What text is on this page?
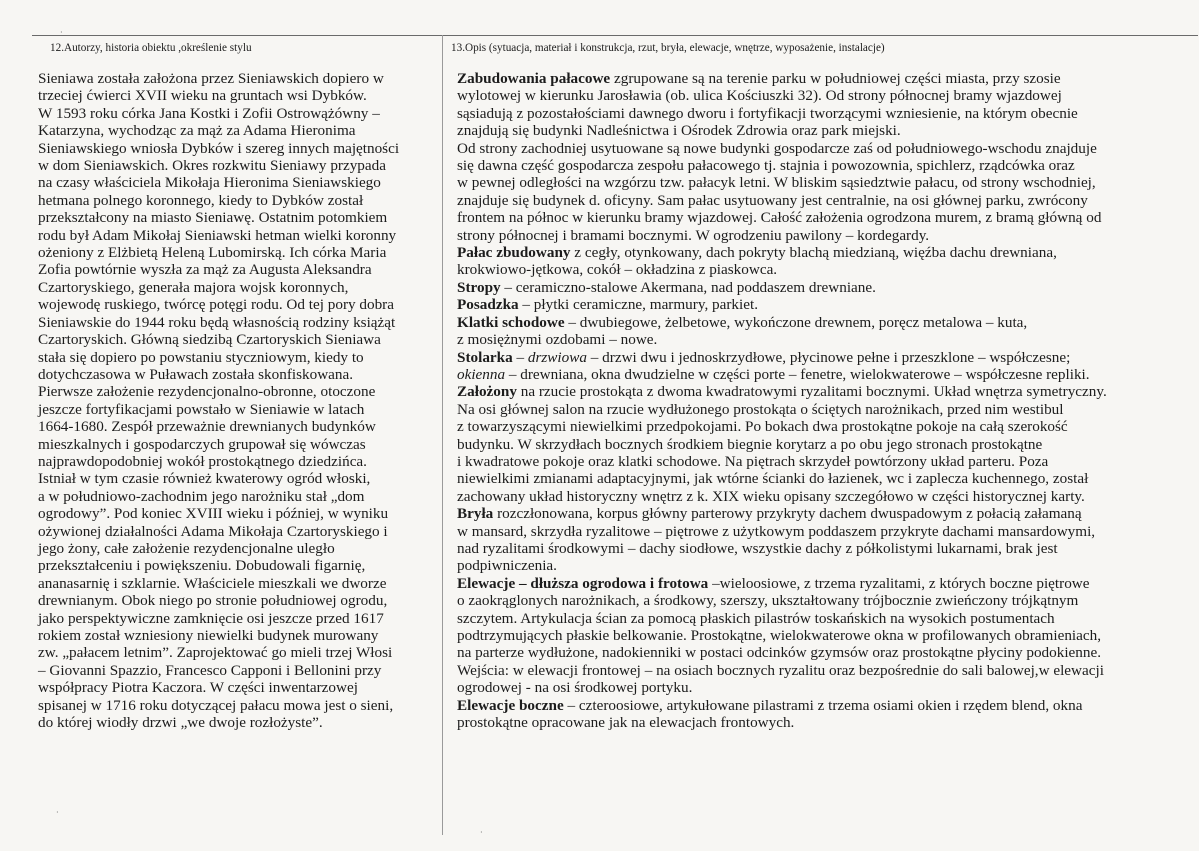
12.Autorzy, historia obiektu ,określenie stylu	13.Opis (sytuacja, materiał i konstrukcja, rzut, bryła, elewacje, wnętrze, wyposażenie, instalacje)
Sieniawa została założona przez Sieniawskich dopiero w
trzeciej ćwierci XVII wieku na gruntach wsi Dybków.
W 1593 roku córka Jana Kostki i Zofii Ostrowążówny –
Katarzyna, wychodząc za mąż za Adama Hieronima
Sieniawskiego wniosła Dybków i szereg innych majętności
w dom Sieniawskich. Okres rozkwitu Sieniawy przypada
na czasy właściciela Mikołaja Hieronima Sieniawskiego
hetmana polnego koronnego, kiedy to Dybków został
przekształcony na miasto Sieniawę. Ostatnim potomkiem
rodu był Adam Mikołaj Sieniawski hetman wielki koronny
ożeniony z Elżbietą Heleną Lubomirską. Ich córka Maria
Zofia powtórnie wyszła za mąż za Augusta Aleksandra
Czartoryskiego, generała majora wojsk koronnych,
wojewodę ruskiego, twórcę potęgi rodu. Od tej pory dobra
Sieniawskie do 1944 roku będą własnością rodziny książąt
Czartoryskich. Główną siedzibą Czartoryskich Sieniawa
stała się dopiero po powstaniu styczniowym, kiedy to
dotychczasowa w Puławach została skonfiskowana.
Pierwsze założenie rezydencjonalno-obronne, otoczone
jeszcze fortyfikacjami powstało w Sieniawie w latach
1664-1680. Zespół przeważnie drewnianych budynków
mieszkalnych i gospodarczych grupował się wówczas
najprawdopodobniej wokół prostokątnego dziedzińca.
Istniał w tym czasie również kwaterowy ogród włoski,
a w południowo-zachodnim jego narożniku stał „dom
ogrodowy”. Pod koniec XVIII wieku i później, w wyniku
ożywionej działalności Adama Mikołaja Czartoryskiego i
jego żony, całe założenie rezydencjonalne uległo
przekształceniu i powiększeniu. Dobudowali figarnię,
ananasarnię i szklarnie. Właściciele mieszkali we dworze
drewnianym. Obok niego po stronie południowej ogrodu,
jako perspektywiczne zamknięcie osi jeszcze przed 1617
rokiem został wzniesiony niewielki budynek murowany
zw. „pałacem letnim”. Zaprojektować go mieli trzej Włosi
– Giovanni Spazzio, Francesco Capponi i Bellonini przy
współpracy Piotra Kaczora. W części inwentarzowej
spisanej w 1716 roku dotyczącej pałacu mowa jest o sieni,
do której wiodły drzwi „we dwoje rozłożyste”.
Zabudowania pałacowe zgrupowane są na terenie parku w południowej części miasta, przy szosie
wylotowej w kierunku Jarosławia (ob. ulica Kościuszki 32). Od strony północnej bramy wjazdowej
sąsiadują z pozostałościami dawnego dworu i fortyfikacji tworzącymi wzniesienie, na którym obecnie
znajdują się budynki Nadleśnictwa i Ośrodek Zdrowia oraz park miejski.
Od strony zachodniej usytuowane są nowe budynki gospodarcze zaś od południowego-wschodu znajduje
się dawna część gospodarcza zespołu pałacowego tj. stajnia i powozownia, spichlerz, rządcówka oraz
w pewnej odległości na wzgórzu tzw. pałacyk letni. W bliskim sąsiedztwie pałacu, od strony wschodniej,
znajduje się budynek d. oficyny. Sam pałac usytuowany jest centralnie, na osi głównej parku, zwrócony
frontem na północ w kierunku bramy wjazdowej. Całość założenia ogrodzona murem, z bramą główną od
strony północnej i bramami bocznymi. W ogrodzeniu pawilony – kordegardy.
Pałac zbudowany z cegły, otynkowany, dach pokryty blachą miedzianą, więźba dachu drewniana,
krokwiowo-jętkowa, cokół – okładzina z piaskowca.
Stropy – ceramiczno-stalowe Akermana, nad poddaszem drewniane.
Posadzka – płytki ceramiczne, marmury, parkiet.
Klatki schodowe – dwubiegowe, żelbetowe, wykończone drewnem, poręcz metalowa – kuta,
z mosiężnymi ozdobami – nowe.
Stolarka – drzwiowa – drzwi dwu i jednoskrzydłowe, płycinowe pełne i przeszklone – współczesne;
okienna – drewniana, okna dwudzielne w części porte – fenetre, wielokwaterowe – współczesne repliki.
Założony na rzucie prostokąta z dwoma kwadratowymi ryzalitami bocznymi. Układ wnętrza symetryczny.
Na osi głównej salon na rzucie wydłużonego prostokąta o ściętych narożnikach, przed nim westibul
z towarzyszącymi niewielkimi przedpokojami. Po bokach dwa prostokątne pokoje na całą szerokość
budynku. W skrzydłach bocznych środkiem biegnie korytarz a po obu jego stronach prostokątne
i kwadratowe pokoje oraz klatki schodowe. Na piętrach skrzydeł powtórzony układ parteru. Poza
niewielkimi zmianami adaptacyjnymi, jak wtórne ścianki do łazienek, wc i zaplecza kuchennego, został
zachowany układ historyczny wnętrz z k. XIX wieku opisany szczegółowo w części historycznej karty.
Bryła rozczłonowana, korpus główny parterowy przykryty dachem dwuspadowym z połacią załamaną
w mansard, skrzydła ryzalitowe – piętrowe z użytkowym poddaszem przykryte dachami mansardowymi,
nad ryzalitami środkowymi – dachy siodłowe, wszystkie dachy z półkolistymi lukarnami, brak jest
podpiwniczenia.
Elewacje – dłuższa ogrodowa i frotowa –wieloosiowe, z trzema ryzalitami, z których boczne piętrowe
o zaokrąglonych narożnikach, a środkowy, szerszy, ukształtowany trójbocznie zwieńczony trójkątnym
szczytem. Artykulacja ścian za pomocą płaskich pilastrów toskańskich na wysokich postumentach
podtrzymujących płaskie belkowanie. Prostokątne, wielokwaterowe okna w profilowanych obramieniach,
na parterze wydłużone, nadokienniki w postaci odcinków gzymsów oraz prostokątne płyciny podokienne.
Wejścia: w elewacji frontowej – na osiach bocznych ryzalitu oraz bezpośrednie do sali balowej,w elewacji
ogrodowej - na osi środkowej portyku.
Elewacje boczne – czteroosiowe, artykułowane pilastrami z trzema osiami okien i rzędem blend, okna
prostokątne opracowane jak na elewacjach frontowych.
·
·
·
